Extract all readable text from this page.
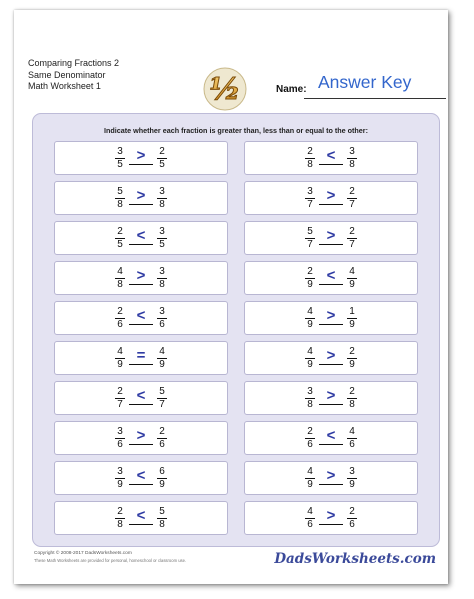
Comparing Fractions 2
Same Denominator
Math Worksheet 1	½	Name: Answer Key
Indicate whether each fraction is greater than, less than or equal to the other:
3
5
>	2
5
5
8
>	3
8
2
5
<	3
5
4
8
>	3
8
2
6
<	3
6
4
9
=	4
9
2
7
<	5
7
3
6
>	2
6
3
9
<	6
9
2
8
<	5
8
2
8
<	3
8
3
7
>	2
7
5
7
>	2
7
2
9
<	4
9
4
9
>	1
9
4
9
>	2
9
3
8
>	2
8
2
6
<	4
6
4
9
>	3
9
4
6
>	2
6
Copyright © 2008-2017 DadsWorksheets.com
These Math Worksheets are provided for personal, homeschool or classroom use.	DadsWorksheets.com
